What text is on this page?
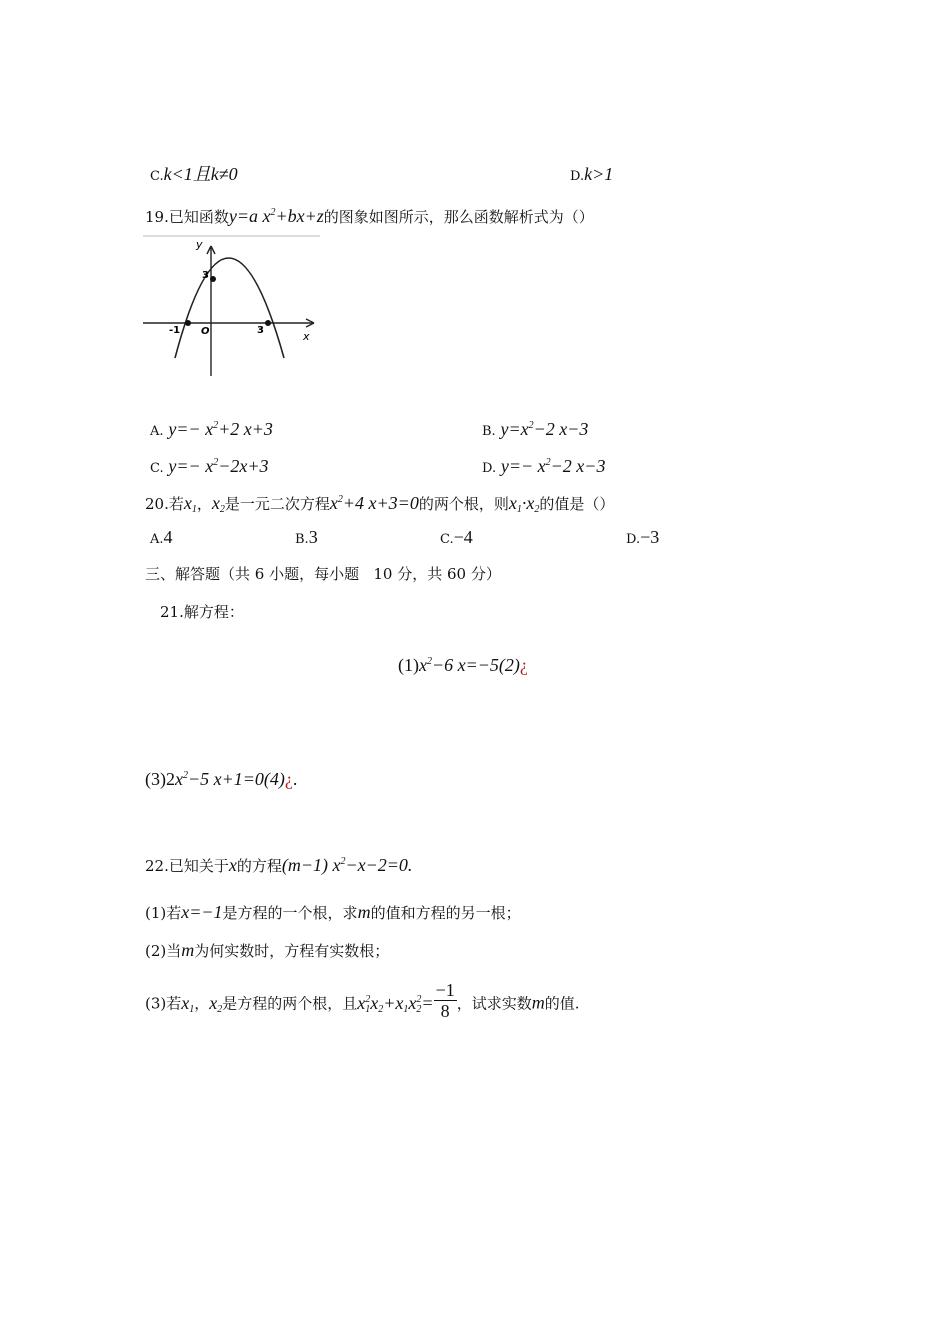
C.k<1且k≠0	D.k>1
19.已知函数y=a $x^2+bx+z$的图象如图所示，那么函数解析式为（）
y
x
O
-1	3
3
A. $y=- x^2+2$ x+3	B. $y=x^2-2$ x−3
C. $y=- x^2-2x+3$	D. $y=- x^2-2$ x−3
20.若$x_1$，$x_2$是一元二次方程$x^2+4$ x+3=0的两个根，则$x_1\cdot x_2$的值是（）
A.4	B.3	C.−4	D.−3
三、解答题（共 6 小题，每小题   10 分，共 60 分）
21.解方程：
$(1)x^2-6$ x=−5(2)¿
$(3)2x^2-5$ x+1=0(4)¿.
22.已知关于x的方程(m−1) $x^2-x-2=0$.
(1)若x=−1是方程的一个根，求m的值和方程的另一根；
(2)当m为何实数时，方程有实数根；
(3)若$x_1$，$x_2$是方程的两个根，且$x^2_1x_2+x_1x^2_2= \frac{-1}{8}$ ，试求实数m的值.
